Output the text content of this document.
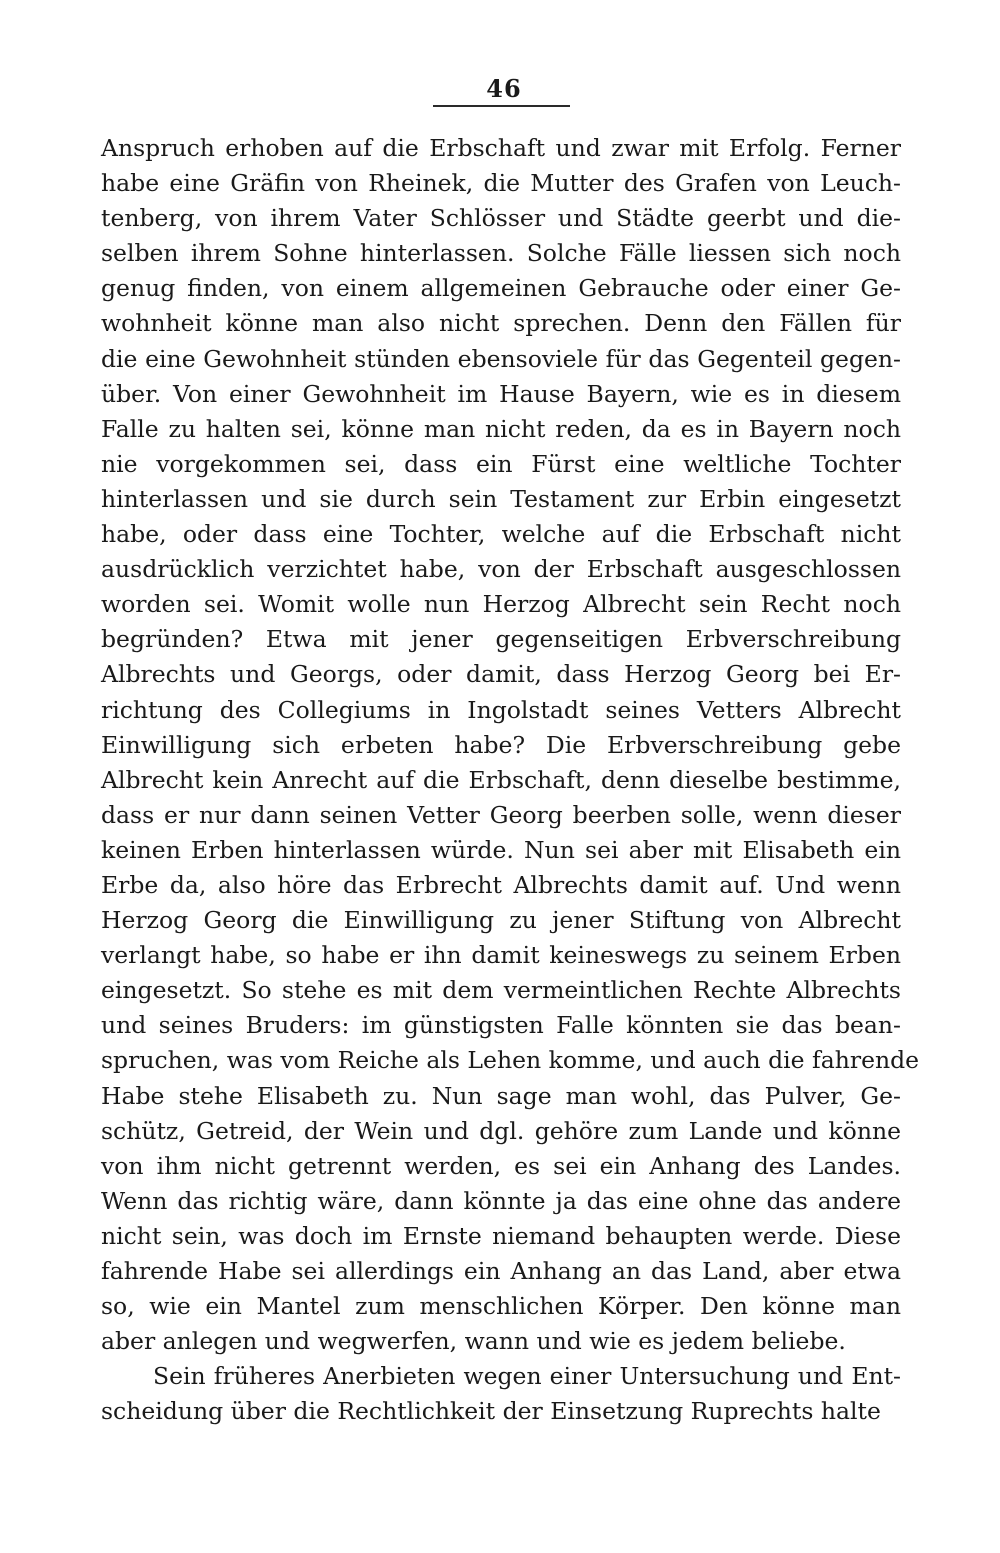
46
Anspruch erhoben auf die Erbschaft und zwar mit Erfolg. Ferner
habe eine Gräfin von Rheinek, die Mutter des Grafen von Leuch-
tenberg, von ihrem Vater Schlösser und Städte geerbt und die-
selben ihrem Sohne hinterlassen. Solche Fälle liessen sich noch
genug finden, von einem allgemeinen Gebrauche oder einer Ge-
wohnheit könne man also nicht sprechen. Denn den Fällen für
die eine Gewohnheit stünden ebensoviele für das Gegenteil gegen-
über. Von einer Gewohnheit im Hause Bayern, wie es in diesem
Falle zu halten sei, könne man nicht reden, da es in Bayern noch
nie vorgekommen sei, dass ein Fürst eine weltliche Tochter
hinterlassen und sie durch sein Testament zur Erbin eingesetzt
habe, oder dass eine Tochter, welche auf die Erbschaft nicht
ausdrücklich verzichtet habe, von der Erbschaft ausgeschlossen
worden sei. Womit wolle nun Herzog Albrecht sein Recht noch
begründen? Etwa mit jener gegenseitigen Erbverschreibung
Albrechts und Georgs, oder damit, dass Herzog Georg bei Er-
richtung des Collegiums in Ingolstadt seines Vetters Albrecht
Einwilligung sich erbeten habe? Die Erbverschreibung gebe
Albrecht kein Anrecht auf die Erbschaft, denn dieselbe bestimme,
dass er nur dann seinen Vetter Georg beerben solle, wenn dieser
keinen Erben hinterlassen würde. Nun sei aber mit Elisabeth ein
Erbe da, also höre das Erbrecht Albrechts damit auf. Und wenn
Herzog Georg die Einwilligung zu jener Stiftung von Albrecht
verlangt habe, so habe er ihn damit keineswegs zu seinem Erben
eingesetzt. So stehe es mit dem vermeintlichen Rechte Albrechts
und seines Bruders: im günstigsten Falle könnten sie das bean-
spruchen, was vom Reiche als Lehen komme, und auch die fahrende
Habe stehe Elisabeth zu. Nun sage man wohl, das Pulver, Ge-
schütz, Getreid, der Wein und dgl. gehöre zum Lande und könne
von ihm nicht getrennt werden, es sei ein Anhang des Landes.
Wenn das richtig wäre, dann könnte ja das eine ohne das andere
nicht sein, was doch im Ernste niemand behaupten werde. Diese
fahrende Habe sei allerdings ein Anhang an das Land, aber etwa
so, wie ein Mantel zum menschlichen Körper. Den könne man
aber anlegen und wegwerfen, wann und wie es jedem beliebe.
Sein früheres Anerbieten wegen einer Untersuchung und Ent-
scheidung über die Rechtlichkeit der Einsetzung Ruprechts halte
